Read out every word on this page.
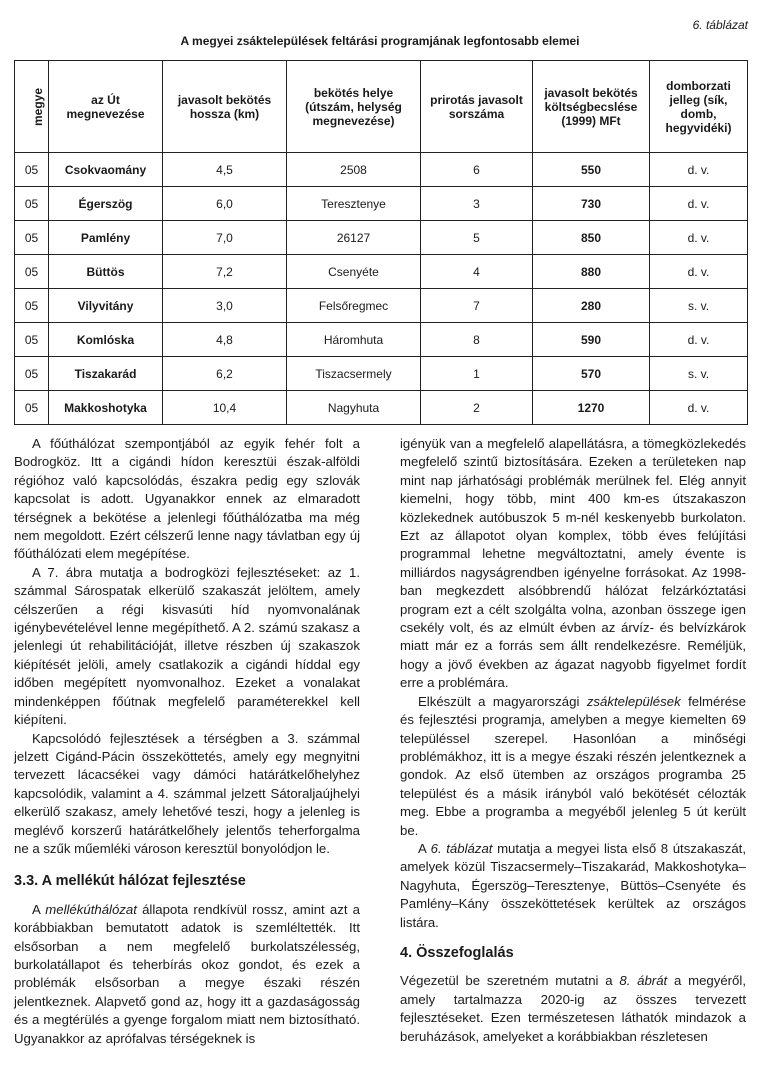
6. táblázat
A megyei zsáktelepülések feltárási programjának legfontosabb elemei
megye	az Út megnevezése	javasolt bekötés hossza (km)	bekötés helye (útszám, helység megnevezése)	prirotás javasolt sorszáma	javasolt bekötés költségbecslése (1999) MFt	domborzati jelleg (sík, domb, hegyvidéki)
05	Csokvaomány	4,5	2508	6	550	d. v.
05	Égerszög	6,0	Teresztenye	3	730	d. v.
05	Pamlény	7,0	26127	5	850	d. v.
05	Büttös	7,2	Csenyéte	4	880	d. v.
05	Vilyvitány	3,0	Felsőregmec	7	280	s. v.
05	Komlóska	4,8	Háromhuta	8	590	d. v.
05	Tiszakarád	6,2	Tiszacsermely	1	570	s. v.
05	Makkoshotyka	10,4	Nagyhuta	2	1270	d. v.

A főúthálózat szempontjából az egyik fehér folt a Bodrogköz. Itt a cigándi hídon keresztüi észak-alföldi régióhoz való kapcsolódás, északra pedig egy szlovák kapcsolat is adott. Ugyanakkor ennek az elmaradott térségnek a bekötése a jelenlegi főúthálózatba ma még nem megoldott. Ezért célszerű lenne nagy távlatban egy új főúthálózati elem megépítése.

A 7. ábra mutatja a bodrogközi fejlesztéseket: az 1. számmal Sárospatak elkerülő szakaszát jelöltem, amely célszerűen a régi kisvasúti híd nyomvonalának igénybevételével lenne megépíthető. A 2. számú szakasz a jelenlegi út rehabilitációját, illetve részben új szakaszok kiépítését jelöli, amely csatlakozik a cigándi híddal egy időben megépített nyomvonalhoz. Ezeket a vonalakat mindenképpen főútnak megfelelő paraméterekkel kell kiépíteni.

Kapcsolódó fejlesztések a térségben a 3. számmal jelzett Cigánd-Pácin összeköttetés, amely egy megnyitni tervezett lácacsékei vagy dámóci határátkelőhelyhez kapcsolódik, valamint a 4. számmal jelzett Sátoraljaújhelyi elkerülő szakasz, amely lehetővé teszi, hogy a jelenleg is meglévő korszerű határátkelőhely jelentős teherforgalma ne a szűk műemléki városon keresztül bonyolódjon le.

3.3. A mellékút hálózat fejlesztése

A mellékúthálózat állapota rendkívül rossz, amint azt a korábbiakban bemutatott adatok is szemléltették. Itt elsősorban a nem megfelelő burkolatszélesség, burkolatállapot és teherbírás okoz gondot, és ezek a problémák elsősorban a megye északi részén jelentkeznek. Alapvető gond az, hogy itt a gazdaságosság és a megtérülés a gyenge forgalom miatt nem biztosítható. Ugyanakkor az aprófalvas térségeknek is

igényük van a megfelelő alapellátásra, a tömegközlekedés megfelelő szintű biztosítására. Ezeken a területeken nap mint nap járhatósági problémák merülnek fel. Elég annyit kiemelni, hogy több, mint 400 km-es útszakaszon közlekednek autóbuszok 5 m-nél keskenyebb burkolaton. Ezt az állapotot olyan komplex, több éves felújítási programmal lehetne megváltoztatni, amely évente is milliárdos nagyságrendben igényelne forrásokat. Az 1998-ban megkezdett alsóbbrendű hálózat felzárkóztatási program ezt a célt szolgálta volna, azonban összege igen csekély volt, és az elmúlt évben az árvíz- és belvízkárok miatt már ez a forrás sem állt rendelkezésre. Reméljük, hogy a jövő években az ágazat nagyobb figyelmet fordít erre a problémára.

Elkészült a magyarországi zsáktelepülések felmérése és fejlesztési programja, amelyben a megye kiemelten 69 településsel szerepel. Hasonlóan a minőségi problémákhoz, itt is a megye északi részén jelentkeznek a gondok. Az első ütemben az országos programba 25 települést és a másik irányból való bekötését célozták meg. Ebbe a programba a megyéből jelenleg 5 út került be.

A 6. táblázat mutatja a megyei lista első 8 útszakaszát, amelyek közül Tiszacsermely–Tiszakarád, Makkoshotyka–Nagyhuta, Égerszög–Teresztenye, Büttös–Csenyéte és Pamlény–Kány összeköttetések kerültek az országos listára.

4. Összefoglalás

Végezetül be szeretném mutatni a 8. ábrát a megyéről, amely tartalmazza 2020-ig az összes tervezett fejlesztéseket. Ezen természetesen láthatók mindazok a beruházások, amelyeket a korábbiakban részletesen
